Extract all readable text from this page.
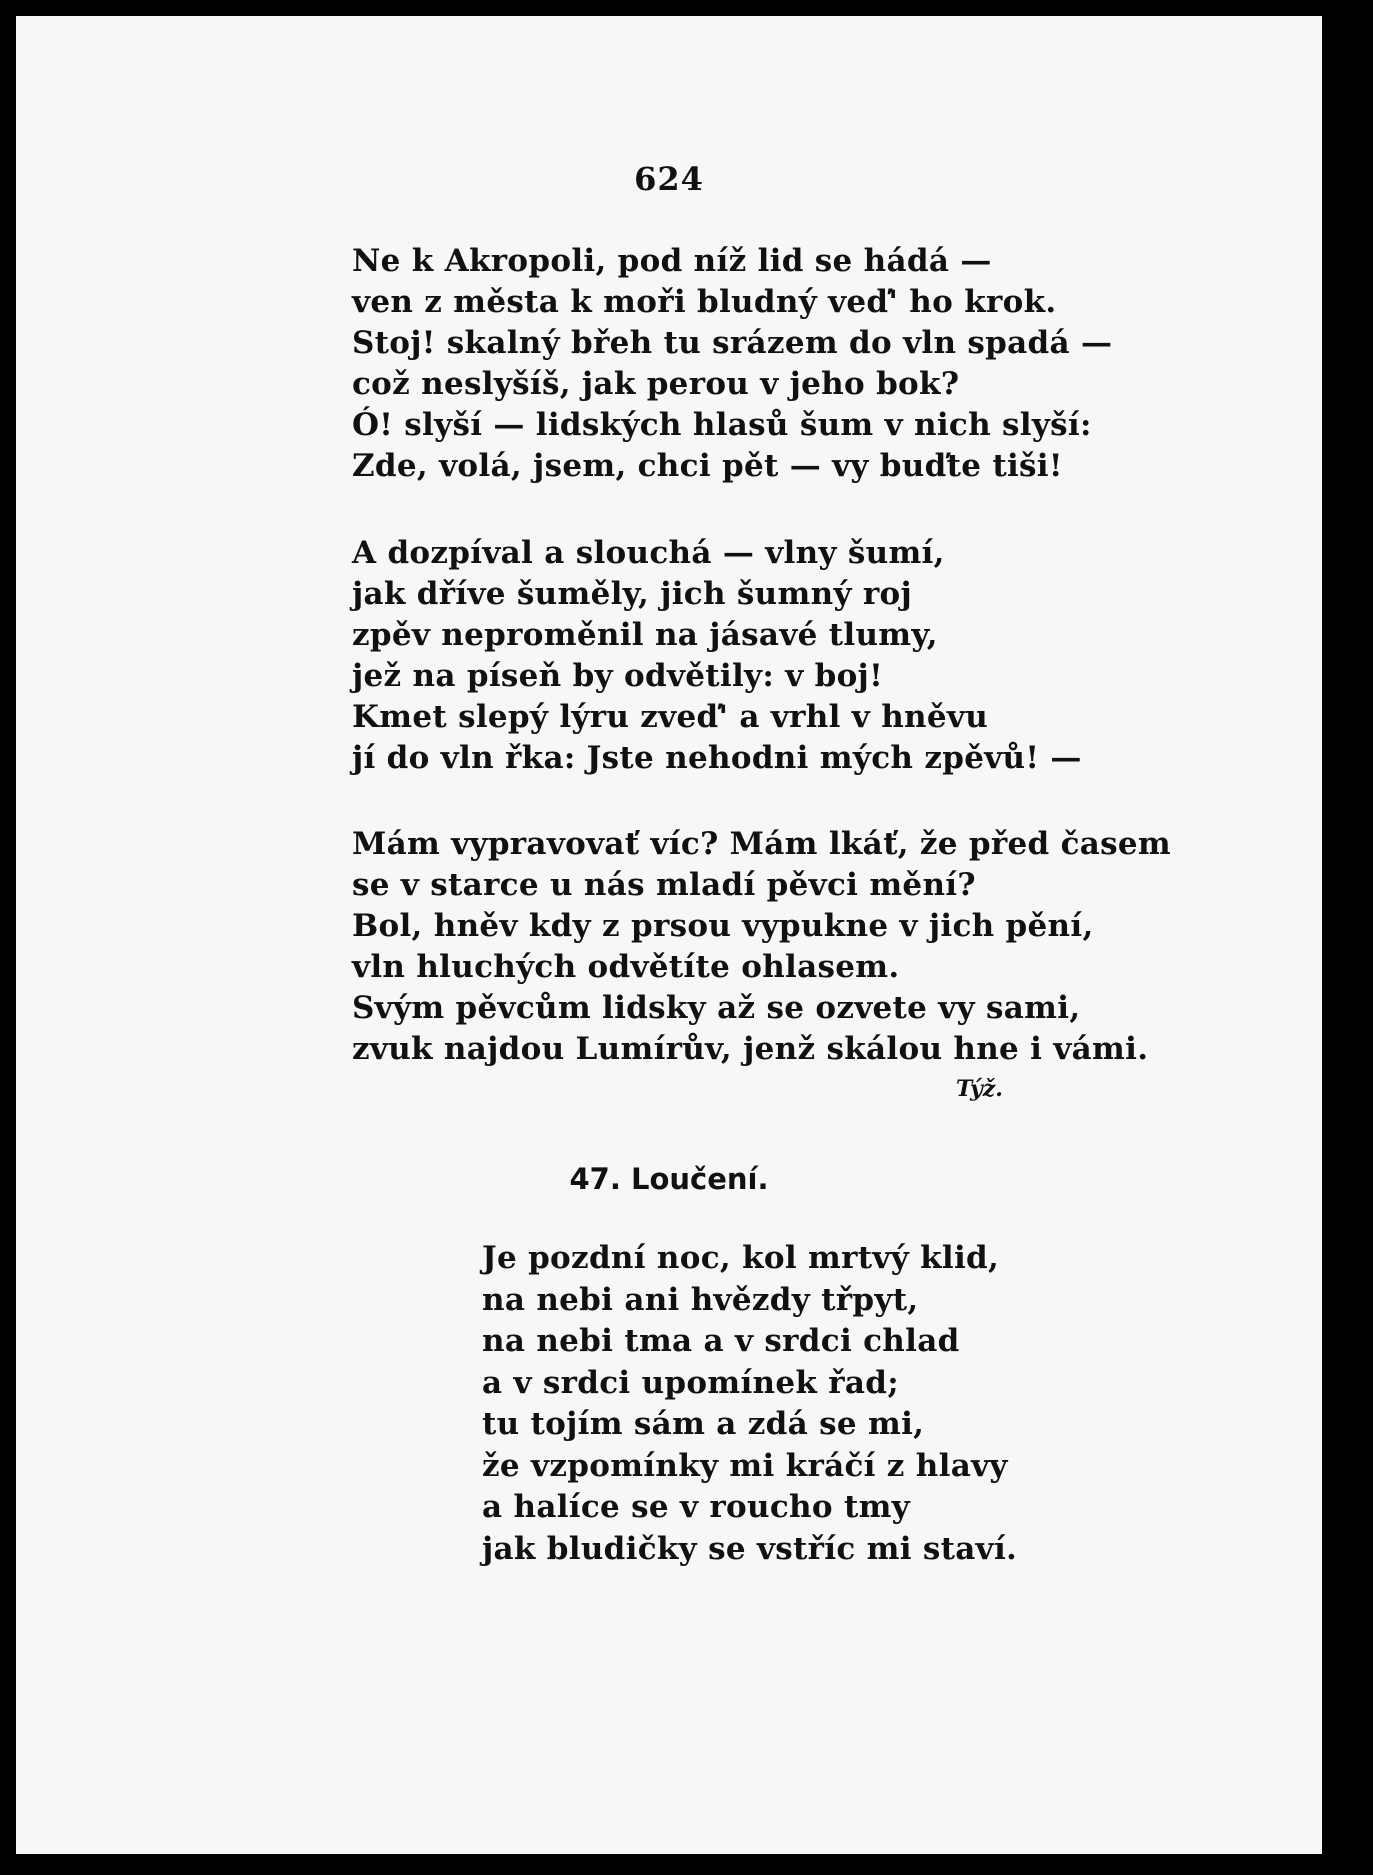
624
Ne k Akropoli, pod níž lid se hádá —
ven z města k moři bludný veď' ho krok.
Stoj! skalný břeh tu srázem do vln spadá —
což neslyšíš, jak perou v jeho bok?
Ó! slyší — lidských hlasů šum v nich slyší:
Zde, volá, jsem, chci pět — vy buďte tiši!
A dozpíval a slouchá — vlny šumí,
jak dříve šuměly, jich šumný roj
zpěv neproměnil na jásavé tlumy,
jež na píseň by odvětily: v boj!
Kmet slepý lýru zveď' a vrhl v hněvu
jí do vln řka: Jste nehodni mých zpěvů! —
Mám vypravovať víc? Mám lkáť, že před časem
se v starce u nás mladí pěvci mění?
Bol, hněv kdy z prsou vypukne v jich pění,
vln hluchých odvětíte ohlasem.
Svým pěvcům lidsky až se ozvete vy sami,
zvuk najdou Lumírův, jenž skálou hne i vámi.
Týž.
47. Loučení.
Je pozdní noc, kol mrtvý klid,
na nebi ani hvězdy třpyt,
na nebi tma a v srdci chlad
a v srdci upomínek řad;
tu tojím sám a zdá se mi,
že vzpomínky mi kráčí z hlavy
a halíce se v roucho tmy
jak bludičky se vstříc mi staví.
